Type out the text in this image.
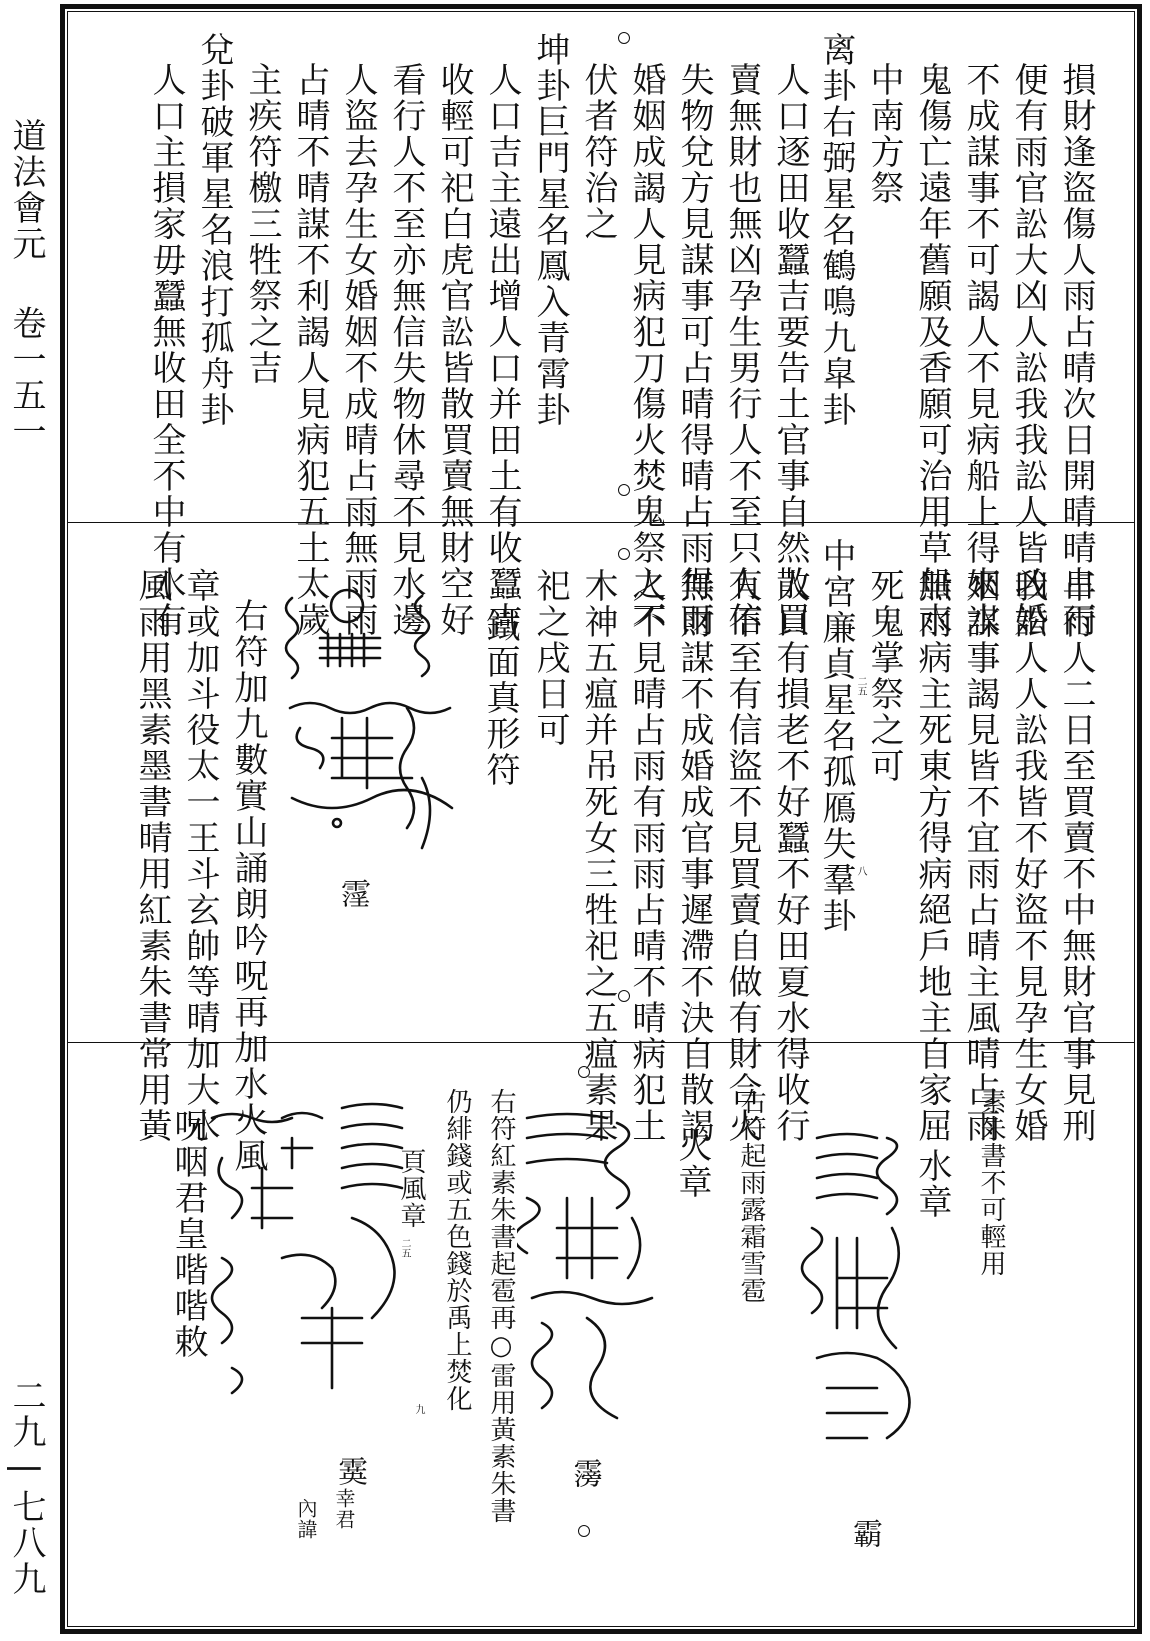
道法會元  卷一五一
二九 | 七八九
損財逢盜傷人雨占晴次日開晴晴占雨
便有雨官訟大凶人訟我我訟人皆凶婚
不成謀事不可謁人不見病船上得來水
鬼傷亡遠年舊願及香願可治用草船水
中南方祭
离卦右弼星名鶴鳴九皐卦
人口逐田收蠶吉要告土官事自然散買
賣無財也無凶孕生男行人不至只有信
失物兌方見謀事可占晴得晴占雨得雨
婚姻成謁人見病犯刀傷火焚鬼祭之不
伏者符治之
坤卦巨門星名鳳入青霄卦
人口吉主遠出增人口并田土有收蠶吉
收輕可祀白虎官訟皆散買賣無財空好
看行人不至亦無信失物休尋不見水邊
人盜去孕生女婚姻不成晴占雨無雨雨
占晴不晴謀不利謁人見病犯五土太歲
主疾符檄三牲祭之吉
兌卦破軍星名浪打孤舟卦
人口主損家毋蠶無收田全不中有水有
早行人二日至買賣不中無財官事見刑
我訟人人訟我皆不好盜不見孕生女婚
姻謀事謁見皆不宜雨占晴主風晴占雨
無雨病主死東方得病絕戶地主自家屈
死鬼掌祭之可
二五
八
中宮廉貞星名孤鴈失羣卦
人口有損老不好蠶不好田夏水得收行
人不至有信盜不見買賣自做有財合火
無財謀不成婚成官事遲滯不決自散謁
人不見晴占雨有雨雨占晴不晴病犯土
木神五瘟并吊死女三牲祀之五瘟素果
祀之戌日可
鐵面真形符
霪
右符加九數實山誦朗吟呪再加水火風
章或加斗役太一王斗玄帥等晴加大水
風雨用黑素墨書晴用紅素朱書常用黃
素朱書不可輕用
水章
霸
右符起雨露霜雪雹
火章
霶
右符紅素朱書起雹再○雷用黃素朱書
仍緋錢或五色錢於禹上焚化
頁風章
二五
九
霙
幸君
內諱
呪咽君皇喈喈敕
